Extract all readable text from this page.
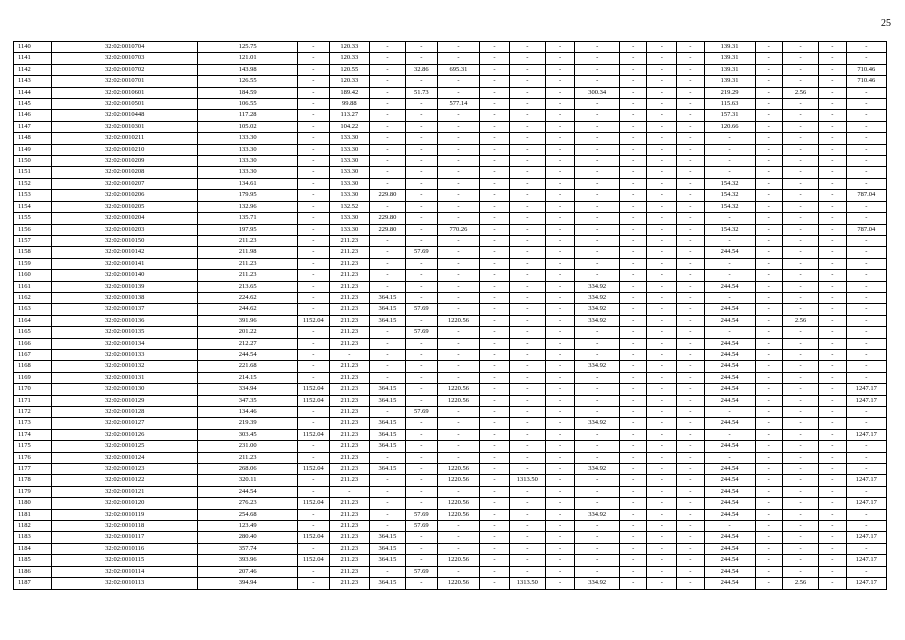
25
1140	32:02:0010704	125.75	-	120.33	-	-	-	-	-	-	-	-	-	-	139.31	-	-	-	-
1141	32:02:0010703	121.01	-	120.33	-	-	-	-	-	-	-	-	-	-	139.31	-	-	-	-
1142	32:02:0010702	143.98	-	120.55	-	32.86	695.31	-	-	-	-	-	-	-	139.31	-	-	-	710.46
1143	32:02:0010701	126.55	-	120.33	-	-	-	-	-	-	-	-	-	-	139.31	-	-	-	710.46
1144	32:02:0010601	184.59	-	189.42	-	51.73	-	-	-	-	300.34	-	-	-	219.29	-	2.56	-	-
1145	32:02:0010501	106.55	-	99.88	-	-	577.14	-	-	-	-	-	-	-	115.63	-	-	-	-
1146	32:02:0010448	117.28	-	113.27	-	-	-	-	-	-	-	-	-	-	157.31	-	-	-	-
1147	32:02:0010301	105.02	-	104.22	-	-	-	-	-	-	-	-	-	-	120.66	-	-	-	-
1148	32:02:0010211	133.30	-	133.30	-	-	-	-	-	-	-	-	-	-	-	-	-	-	-
1149	32:02:0010210	133.30	-	133.30	-	-	-	-	-	-	-	-	-	-	-	-	-	-	-
1150	32:02:0010209	133.30	-	133.30	-	-	-	-	-	-	-	-	-	-	-	-	-	-	-
1151	32:02:0010208	133.30	-	133.30	-	-	-	-	-	-	-	-	-	-	-	-	-	-	-
1152	32:02:0010207	134.61	-	133.30	-	-	-	-	-	-	-	-	-	-	154.32	-	-	-	-
1153	32:02:0010206	179.95	-	133.30	229.80	-	-	-	-	-	-	-	-	-	154.32	-	-	-	787.04
1154	32:02:0010205	132.96	-	132.52	-	-	-	-	-	-	-	-	-	-	154.32	-	-	-	-
1155	32:02:0010204	135.71	-	133.30	229.80	-	-	-	-	-	-	-	-	-	-	-	-	-	-
1156	32:02:0010203	197.95	-	133.30	229.80	-	770.26	-	-	-	-	-	-	-	154.32	-	-	-	787.04
1157	32:02:0010150	211.23	-	211.23	-	-	-	-	-	-	-	-	-	-	-	-	-	-	-
1158	32:02:0010142	211.98	-	211.23	-	57.69	-	-	-	-	-	-	-	-	244.54	-	-	-	-
1159	32:02:0010141	211.23	-	211.23	-	-	-	-	-	-	-	-	-	-	-	-	-	-	-
1160	32:02:0010140	211.23	-	211.23	-	-	-	-	-	-	-	-	-	-	-	-	-	-	-
1161	32:02:0010139	213.65	-	211.23	-	-	-	-	-	-	334.92	-	-	-	244.54	-	-	-	-
1162	32:02:0010138	224.62	-	211.23	364.15	-	-	-	-	-	334.92	-	-	-	-	-	-	-	-
1163	32:02:0010137	244.62	-	211.23	364.15	57.69	-	-	-	-	334.92	-	-	-	244.54	-	-	-	-
1164	32:02:0010136	391.96	1152.04	211.23	364.15	-	1220.56	-	-	-	334.92	-	-	-	244.54	-	2.56	-	-
1165	32:02:0010135	201.22	-	211.23	-	57.69	-	-	-	-	-	-	-	-	-	-	-	-	-
1166	32:02:0010134	212.27	-	211.23	-	-	-	-	-	-	-	-	-	-	244.54	-	-	-	-
1167	32:02:0010133	244.54	-	-	-	-	-	-	-	-	-	-	-	-	244.54	-	-	-	-
1168	32:02:0010132	221.68	-	211.23	-	-	-	-	-	-	334.92	-	-	-	244.54	-	-	-	-
1169	32:02:0010131	214.15	-	211.23	-	-	-	-	-	-	-	-	-	-	244.54	-	-	-	-
1170	32:02:0010130	334.94	1152.04	211.23	364.15	-	1220.56	-	-	-	-	-	-	-	244.54	-	-	-	1247.17
1171	32:02:0010129	347.35	1152.04	211.23	364.15	-	1220.56	-	-	-	-	-	-	-	244.54	-	-	-	1247.17
1172	32:02:0010128	134.46	-	211.23	-	57.69	-	-	-	-	-	-	-	-	-	-	-	-	-
1173	32:02:0010127	219.39	-	211.23	364.15	-	-	-	-	-	334.92	-	-	-	244.54	-	-	-	-
1174	32:02:0010126	303.45	1152.04	211.23	364.15	-	-	-	-	-	-	-	-	-	-	-	-	-	1247.17
1175	32:02:0010125	231.00	-	211.23	364.15	-	-	-	-	-	-	-	-	-	244.54	-	-	-	-
1176	32:02:0010124	211.23	-	211.23	-	-	-	-	-	-	-	-	-	-	-	-	-	-	-
1177	32:02:0010123	268.06	1152.04	211.23	364.15	-	1220.56	-	-	-	334.92	-	-	-	244.54	-	-	-	-
1178	32:02:0010122	320.11	-	211.23	-	-	1220.56	-	1313.50	-	-	-	-	-	244.54	-	-	-	1247.17
1179	32:02:0010121	244.54	-	-	-	-	-	-	-	-	-	-	-	-	244.54	-	-	-	-
1180	32:02:0010120	276.23	1152.04	211.23	-	-	1220.56	-	-	-	-	-	-	-	244.54	-	-	-	1247.17
1181	32:02:0010119	254.68	-	211.23	-	57.69	1220.56	-	-	-	334.92	-	-	-	244.54	-	-	-	-
1182	32:02:0010118	123.49	-	211.23	-	57.69	-	-	-	-	-	-	-	-	-	-	-	-	-
1183	32:02:0010117	280.40	1152.04	211.23	364.15	-	-	-	-	-	-	-	-	-	244.54	-	-	-	1247.17
1184	32:02:0010116	357.74	-	211.23	364.15	-	-	-	-	-	-	-	-	-	244.54	-	-	-	-
1185	32:02:0010115	393.96	1152.04	211.23	364.15	-	1220.56	-	-	-	-	-	-	-	244.54	-	-	-	1247.17
1186	32:02:0010114	207.46	-	211.23	-	57.69	-	-	-	-	-	-	-	-	244.54	-	-	-	-
1187	32:02:0010113	394.94	-	211.23	364.15	-	1220.56	-	1313.50	-	334.92	-	-	-	244.54	-	2.56	-	1247.17
